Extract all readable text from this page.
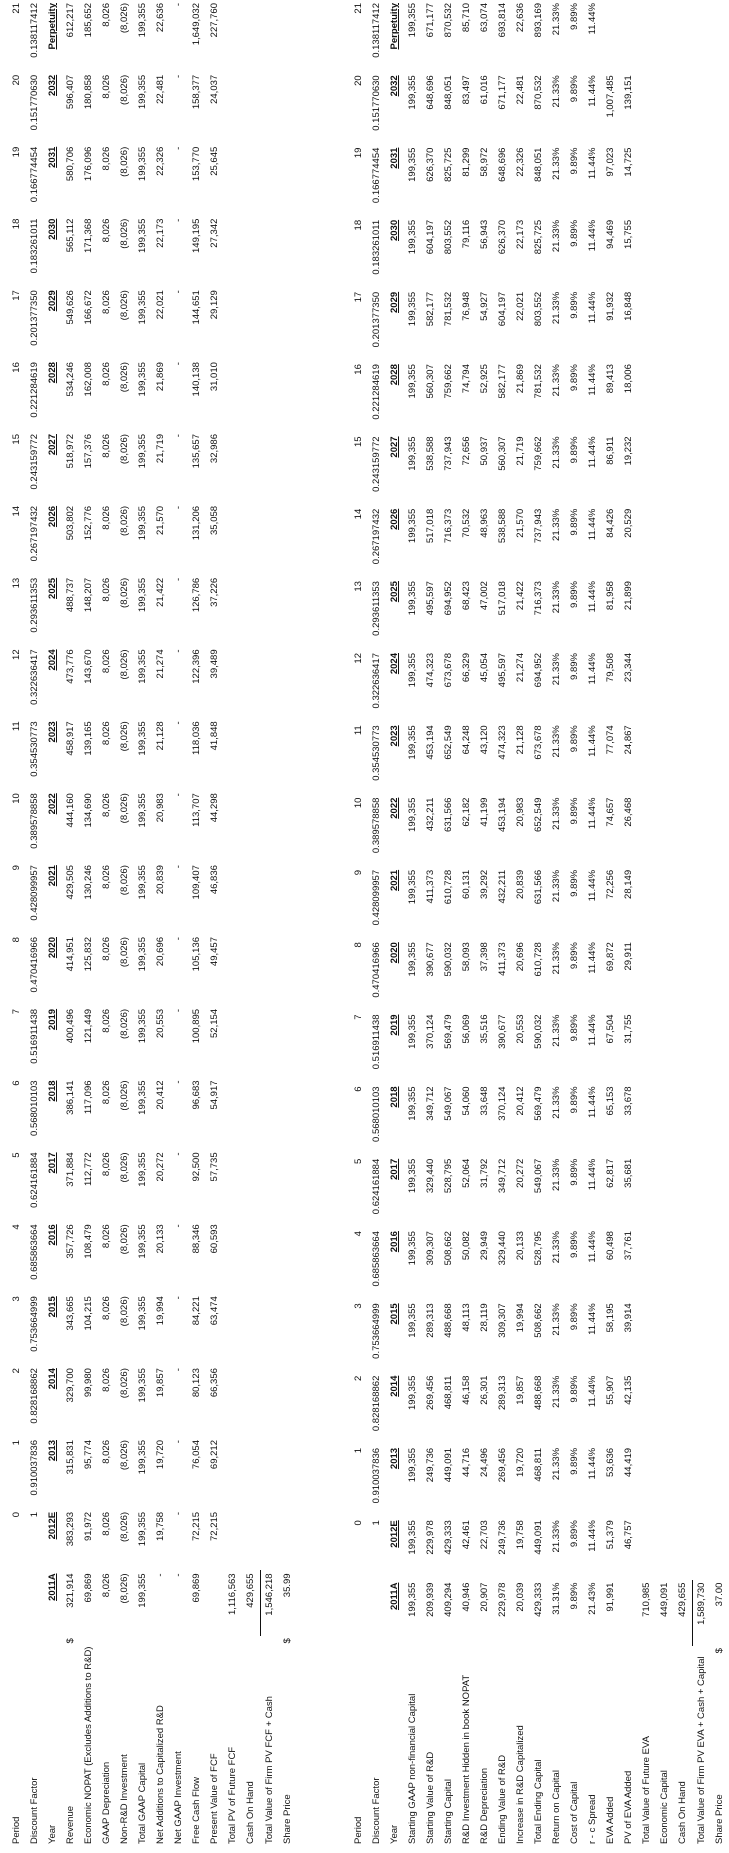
Period			0	1	2	3	4	5	6	7	8	9	10	11	12	13	14	15	16	17	18	19	20	21
Discount Factor			1	0.910037836	0.828168862	0.753664999	0.685863664	0.624161884	0.568010103	0.516911438	0.470416966	0.428099957	0.389578858	0.354530773	0.322636417	0.293611353	0.267197432	0.243159772	0.221284619	0.201377350	0.183261011	0.166774454	0.151770630	0.138117412
Year		2011A	2012E	2013	2014	2015	2016	2017	2018	2019	2020	2021	2022	2023	2024	2025	2026	2027	2028	2029	2030	2031	2032	Perpetuity
Revenue	$	321,914	383,293	315,831	329,700	343,665	357,726	371,884	386,141	400,496	414,951	429,505	444,160	458,917	473,776	488,737	503,802	518,972	534,246	549,626	565,112	580,706	596,407	612,217
Economic NOPAT (Excludes Additions to R&D)		69,869	91,972	95,774	99,980	104,215	108,479	112,772	117,096	121,449	125,832	130,246	134,690	139,165	143,670	148,207	152,776	157,376	162,008	166,672	171,368	176,096	180,858	185,652
GAAP Depreciation		8,026	8,026	8,026	8,026	8,026	8,026	8,026	8,026	8,026	8,026	8,026	8,026	8,026	8,026	8,026	8,026	8,026	8,026	8,026	8,026	8,026	8,026	8,026
Non-R&D Investment		(8,026)	(8,026)	(8,026)	(8,026)	(8,026)	(8,026)	(8,026)	(8,026)	(8,026)	(8,026)	(8,026)	(8,026)	(8,026)	(8,026)	(8,026)	(8,026)	(8,026)	(8,026)	(8,026)	(8,026)	(8,026)	(8,026)	(8,026)
Total GAAP Capital		199,355	199,355	199,355	199,355	199,355	199,355	199,355	199,355	199,355	199,355	199,355	199,355	199,355	199,355	199,355	199,355	199,355	199,355	199,355	199,355	199,355	199,355	199,355
Net Additions to Capitalized R&D		-	19,758	19,720	19,857	19,994	20,133	20,272	20,412	20,553	20,696	20,839	20,983	21,128	21,274	21,422	21,570	21,719	21,869	22,021	22,173	22,326	22,481	22,636
Net GAAP Investment		-	-	-	-	-	-	-	-	-	-	-	-	-	-	-	-	-	-	-	-	-	-	-
Free Cash Flow		69,869	72,215	76,054	80,123	84,221	88,346	92,500	96,683	100,895	105,136	109,407	113,707	118,036	122,396	126,786	131,206	135,657	140,138	144,651	149,195	153,770	158,377	1,649,032
Present Value of FCF			72,215	69,212	66,356	63,474	60,593	57,735	54,917	52,154	49,457	46,836	44,298	41,848	39,489	37,226	35,058	32,986	31,010	29,129	27,342	25,645	24,037	227,760
Total PV of Future FCF		1,116,563																						
Cash On Hand		429,655																						
Total Value of Firm PV FCF + Cash		1,546,218																						
Share Price	$	35.99																						
Period			0	1	2	3	4	5	6	7	8	9	10	11	12	13	14	15	16	17	18	19	20	21
Discount Factor			1	0.910037836	0.828168862	0.753664999	0.685863664	0.624161884	0.568010103	0.516911438	0.470416966	0.428099957	0.389578858	0.354530773	0.322636417	0.293611353	0.267197432	0.243159772	0.221284619	0.201377350	0.183261011	0.166774454	0.151770630	0.138117412
Year		2011A	2012E	2013	2014	2015	2016	2017	2018	2019	2020	2021	2022	2023	2024	2025	2026	2027	2028	2029	2030	2031	2032	Perpetuity
Starting GAAP non-financial Capital		199,355	199,355	199,355	199,355	199,355	199,355	199,355	199,355	199,355	199,355	199,355	199,355	199,355	199,355	199,355	199,355	199,355	199,355	199,355	199,355	199,355	199,355	199,355
Starting Value of R&D		209,939	229,978	249,736	269,456	289,313	309,307	329,440	349,712	370,124	390,677	411,373	432,211	453,194	474,323	495,597	517,018	538,588	560,307	582,177	604,197	626,370	648,696	671,177
Starting Capital		409,294	429,333	449,091	468,811	488,668	508,662	528,795	549,067	569,479	590,032	610,728	631,566	652,549	673,678	694,952	716,373	737,943	759,662	781,532	803,552	825,725	848,051	870,532
R&D Investment Hidden in book NOPAT		40,946	42,461	44,716	46,158	48,113	50,082	52,064	54,060	56,069	58,093	60,131	62,182	64,248	66,329	68,423	70,532	72,656	74,794	76,948	79,116	81,299	83,497	85,710
R&D Depreciation		20,907	22,703	24,496	26,301	28,119	29,949	31,792	33,648	35,516	37,398	39,292	41,199	43,120	45,054	47,002	48,963	50,937	52,925	54,927	56,943	58,972	61,016	63,074
Ending Value of R&D		229,978	249,736	269,456	289,313	309,307	329,440	349,712	370,124	390,677	411,373	432,211	453,194	474,323	495,597	517,018	538,588	560,307	582,177	604,197	626,370	648,696	671,177	693,814
Increase in R&D Capitalized		20,039	19,758	19,720	19,857	19,994	20,133	20,272	20,412	20,553	20,696	20,839	20,983	21,128	21,274	21,422	21,570	21,719	21,869	22,021	22,173	22,326	22,481	22,636
Total Ending Capital		429,333	449,091	468,811	488,668	508,662	528,795	549,067	569,479	590,032	610,728	631,566	652,549	673,678	694,952	716,373	737,943	759,662	781,532	803,552	825,725	848,051	870,532	893,169
Return on Capital		31.31%	21.33%	21.33%	21.33%	21.33%	21.33%	21.33%	21.33%	21.33%	21.33%	21.33%	21.33%	21.33%	21.33%	21.33%	21.33%	21.33%	21.33%	21.33%	21.33%	21.33%	21.33%	21.33%
Cost of Capital		9.89%	9.89%	9.89%	9.89%	9.89%	9.89%	9.89%	9.89%	9.89%	9.89%	9.89%	9.89%	9.89%	9.89%	9.89%	9.89%	9.89%	9.89%	9.89%	9.89%	9.89%	9.89%	9.89%
r - c Spread		21.43%	11.44%	11.44%	11.44%	11.44%	11.44%	11.44%	11.44%	11.44%	11.44%	11.44%	11.44%	11.44%	11.44%	11.44%	11.44%	11.44%	11.44%	11.44%	11.44%	11.44%	11.44%	11.44%
EVA Added		91,991	51,379	53,636	55,907	58,195	60,498	62,817	65,153	67,504	69,872	72,256	74,657	77,074	79,508	81,958	84,426	86,911	89,413	91,932	94,469	97,023	1,007,485	
PV of EVA Added			46,757	44,419	42,135	39,914	37,761	35,681	33,678	31,755	29,911	28,149	26,468	24,867	23,344	21,899	20,529	19,232	18,006	16,848	15,755	14,725	139,151	
Total Value of Future EVA		710,985																						
Economic Capital		449,091																						
Cash On Hand		429,655																						
Total Value of Firm PV EVA + Cash + Capital		1,589,730																						
Share Price	$	37.00																						
